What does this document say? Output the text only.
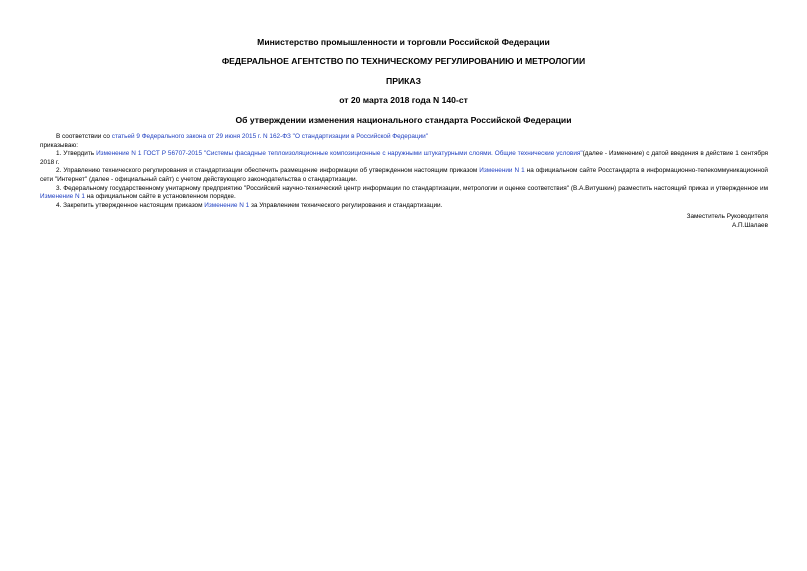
Министерство промышленности и торговли Российской Федерации
ФЕДЕРАЛЬНОЕ АГЕНТСТВО ПО ТЕХНИЧЕСКОМУ РЕГУЛИРОВАНИЮ И МЕТРОЛОГИИ
ПРИКАЗ
от 20 марта 2018 года N 140-ст
Об утверждении изменения национального стандарта Российской Федерации

В соответствии со статьей 9 Федерального закона от 29 июня 2015 г. N 162-ФЗ "О стандартизации в Российской Федерации"

приказываю:

1. Утвердить Изменение N 1 ГОСТ Р 56707-2015 "Системы фасадные теплоизоляционные композиционные с наружными штукатурными слоями. Общие технические условия"(далее - Изменение) с датой введения в действие 1 сентября 2018 г.

2. Управлению технического регулирования и стандартизации обеспечить размещение информации об утвержденном настоящим приказом Изменении N 1 на официальном сайте Росстандарта в информационно-телекоммуникационной сети "Интернет" (далее - официальный сайт) с учетом действующего законодательства о стандартизации.

3. Федеральному государственному унитарному предприятию "Российский научно-технический центр информации по стандартизации, метрологии и оценке соответствия" (В.А.Витушкин) разместить настоящий приказ и утвержденное им Изменение N 1 на официальном сайте в установленном порядке.

4. Закрепить утвержденное настоящим приказом Изменение N 1 за Управлением технического регулирования и стандартизации.

Заместитель Руководителя

А.П.Шалаев
